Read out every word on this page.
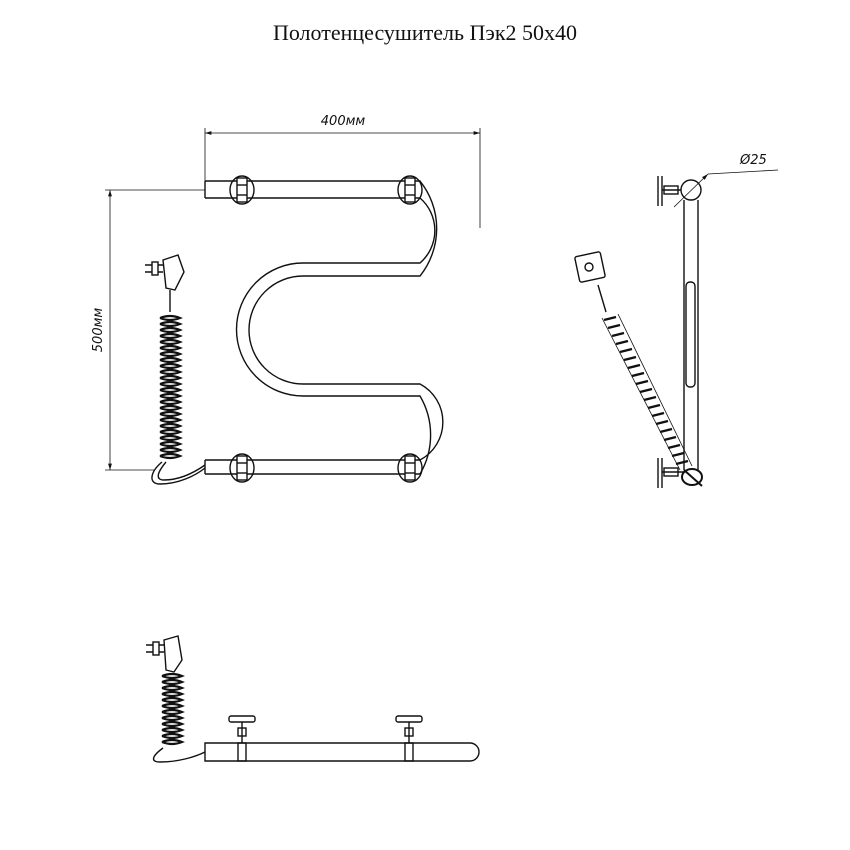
Полотенцесушитель Пэк2 50х40
400мм
500мм
Ø25
